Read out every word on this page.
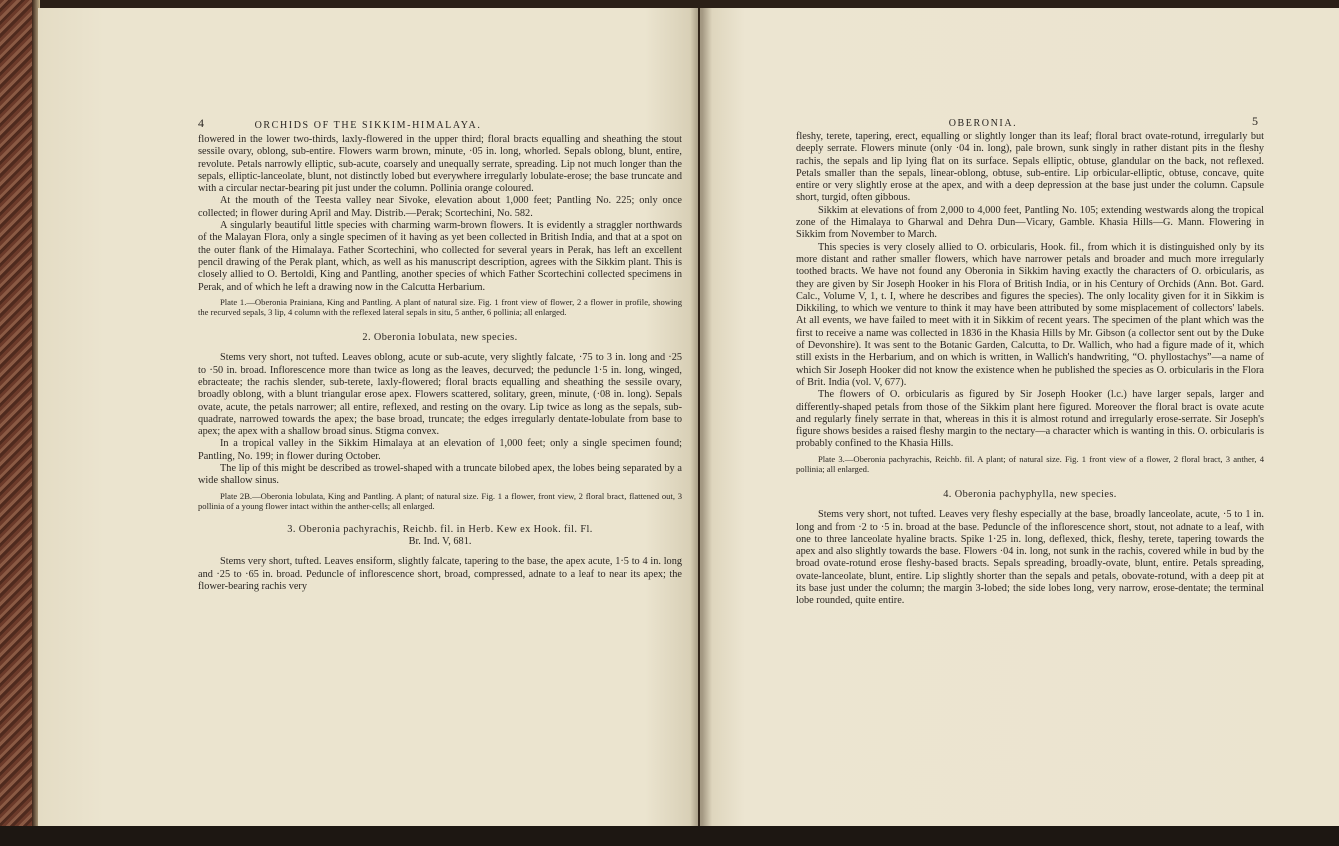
4	ORCHIDS OF THE SIKKIM-HIMALAYA.

flowered in the lower two-thirds, laxly-flowered in the upper third; floral bracts equalling and sheathing the stout sessile ovary, oblong, sub-entire. Flowers warm brown, minute, ·05 in. long, whorled. Sepals oblong, blunt, entire, revolute. Petals narrowly elliptic, sub-acute, coarsely and unequally serrate, spreading. Lip not much longer than the sepals, elliptic-lanceolate, blunt, not distinctly lobed but everywhere irregularly lobulate-erose; the base truncate and with a circular nectar-bearing pit just under the column. Pollinia orange coloured.

At the mouth of the Teesta valley near Sivoke, elevation about 1,000 feet; Pantling No. 225; only once collected; in flower during April and May. Distrib.—Perak; Scortechini, No. 582.

A singularly beautiful little species with charming warm-brown flowers. It is evidently a straggler northwards of the Malayan Flora, only a single specimen of it having as yet been collected in British India, and that at a spot on the outer flank of the Himalaya. Father Scortechini, who collected for several years in Perak, has left an excellent pencil drawing of the Perak plant, which, as well as his manuscript description, agrees with the Sikkim plant. This is closely allied to O. Bertoldi, King and Pantling, another species of which Father Scortechini collected specimens in Perak, and of which he left a drawing now in the Calcutta Herbarium.

Plate 1.—Oberonia Prainiana, King and Pantling. A plant of natural size. Fig. 1 front view of flower, 2 a flower in profile, showing the recurved sepals, 3 lip, 4 column with the reflexed lateral sepals in situ, 5 anther, 6 pollinia; all enlarged.

2. Oberonia lobulata, new species.

Stems very short, not tufted. Leaves oblong, acute or sub-acute, very slightly falcate, ·75 to 3 in. long and ·25 to ·50 in. broad. Inflorescence more than twice as long as the leaves, decurved; the peduncle 1·5 in. long, winged, ebracteate; the rachis slender, sub-terete, laxly-flowered; floral bracts equalling and sheathing the sessile ovary, broadly oblong, with a blunt triangular erose apex. Flowers scattered, solitary, green, minute, (·08 in. long). Sepals ovate, acute, the petals narrower; all entire, reflexed, and resting on the ovary. Lip twice as long as the sepals, sub-quadrate, narrowed towards the apex; the base broad, truncate; the edges irregularly dentate-lobulate from base to apex; the apex with a shallow broad sinus. Stigma convex.

In a tropical valley in the Sikkim Himalaya at an elevation of 1,000 feet; only a single specimen found; Pantling, No. 199; in flower during October.

The lip of this might be described as trowel-shaped with a truncate bilobed apex, the lobes being separated by a wide shallow sinus.

Plate 2B.—Oberonia lobulata, King and Pantling. A plant; of natural size. Fig. 1 a flower, front view, 2 floral bract, flattened out, 3 pollinia of a young flower intact within the anther-cells; all enlarged.

3. Oberonia pachyrachis, Reichb. fil. in Herb. Kew ex Hook. fil. Fl.

Br. Ind. V, 681.

Stems very short, tufted. Leaves ensiform, slightly falcate, tapering to the base, the apex acute, 1·5 to 4 in. long and ·25 to ·65 in. broad. Peduncle of inflorescence short, broad, compressed, adnate to a leaf to near its apex; the flower-bearing rachis very

OBERONIA.	5

fleshy, terete, tapering, erect, equalling or slightly longer than its leaf; floral bract ovate-rotund, irregularly but deeply serrate. Flowers minute (only ·04 in. long), pale brown, sunk singly in rather distant pits in the fleshy rachis, the sepals and lip lying flat on its surface. Sepals elliptic, obtuse, glandular on the back, not reflexed. Petals smaller than the sepals, linear-oblong, obtuse, sub-entire. Lip orbicular-elliptic, obtuse, concave, quite entire or very slightly erose at the apex, and with a deep depression at the base just under the column. Capsule short, turgid, often gibbous.

Sikkim at elevations of from 2,000 to 4,000 feet, Pantling No. 105; extending westwards along the tropical zone of the Himalaya to Gharwal and Dehra Dun—Vicary, Gamble. Khasia Hills—G. Mann. Flowering in Sikkim from November to March.

This species is very closely allied to O. orbicularis, Hook. fil., from which it is distinguished only by its more distant and rather smaller flowers, which have narrower petals and broader and much more irregularly toothed bracts. We have not found any Oberonia in Sikkim having exactly the characters of O. orbicularis, as they are given by Sir Joseph Hooker in his Flora of British India, or in his Century of Orchids (Ann. Bot. Gard. Calc., Volume V, 1, t. I, where he describes and figures the species). The only locality given for it in Sikkim is Dikkiling, to which we venture to think it may have been attributed by some misplacement of collectors' labels. At all events, we have failed to meet with it in Sikkim of recent years. The specimen of the plant which was the first to receive a name was collected in 1836 in the Khasia Hills by Mr. Gibson (a collector sent out by the Duke of Devonshire). It was sent to the Botanic Garden, Calcutta, to Dr. Wallich, who had a figure made of it, which still exists in the Herbarium, and on which is written, in Wallich's handwriting, “O. phyllostachys”—a name of which Sir Joseph Hooker did not know the existence when he published the species as O. orbicularis in the Flora of Brit. India (vol. V, 677).

The flowers of O. orbicularis as figured by Sir Joseph Hooker (l.c.) have larger sepals, larger and differently-shaped petals from those of the Sikkim plant here figured. Moreover the floral bract is ovate acute and regularly finely serrate in that, whereas in this it is almost rotund and irregularly erose-serrate. Sir Joseph's figure shows besides a raised fleshy margin to the nectary—a character which is wanting in this. O. orbicularis is probably confined to the Khasia Hills.

Plate 3.—Oberonia pachyrachis, Reichb. fil. A plant; of natural size. Fig. 1 front view of a flower, 2 floral bract, 3 anther, 4 pollinia; all enlarged.

4. Oberonia pachyphylla, new species.

Stems very short, not tufted. Leaves very fleshy especially at the base, broadly lanceolate, acute, ·5 to 1 in. long and from ·2 to ·5 in. broad at the base. Peduncle of the inflorescence short, stout, not adnate to a leaf, with one to three lanceolate hyaline bracts. Spike 1·25 in. long, deflexed, thick, fleshy, terete, tapering towards the apex and also slightly towards the base. Flowers ·04 in. long, not sunk in the rachis, covered while in bud by the broad ovate-rotund erose fleshy-based bracts. Sepals spreading, broadly-ovate, blunt, entire. Petals spreading, ovate-lanceolate, blunt, entire. Lip slightly shorter than the sepals and petals, obovate-rotund, with a deep pit at its base just under the column; the margin 3-lobed; the side lobes long, very narrow, erose-dentate; the terminal lobe rounded, quite entire.
